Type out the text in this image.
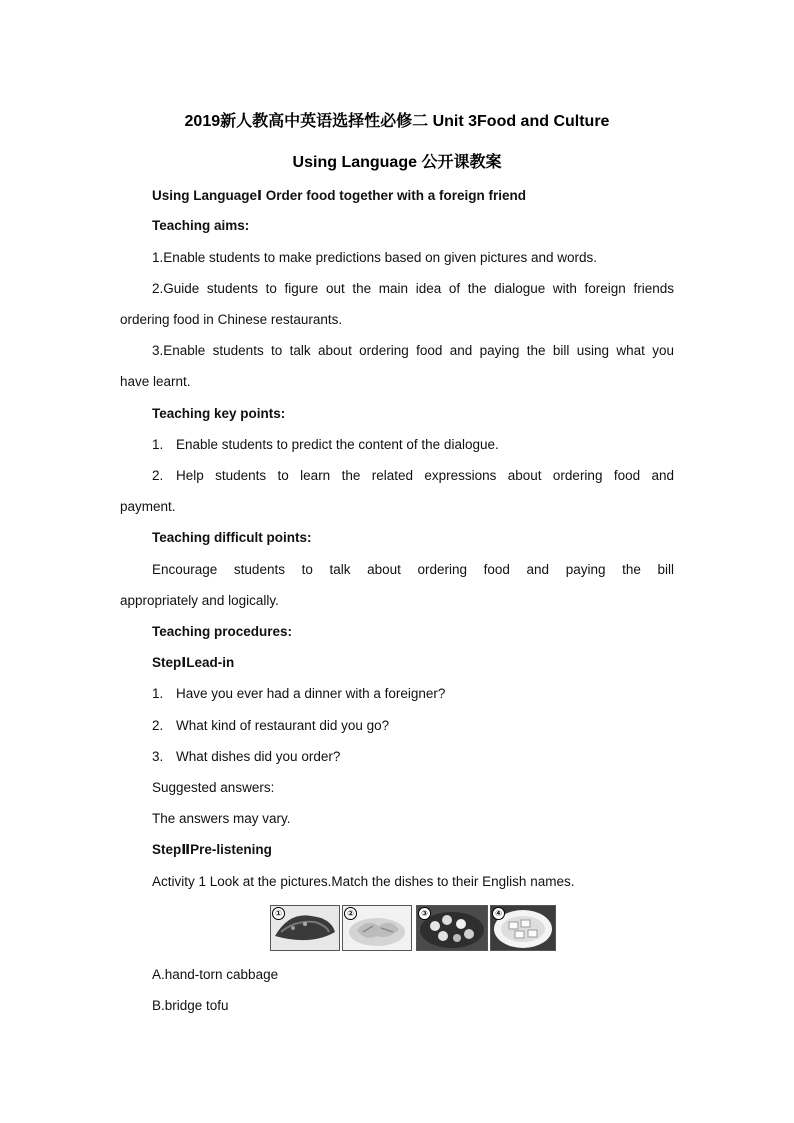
2019新人教高中英语选择性必修二 Unit 3Food and Culture
Using Language 公开课教案
Using LanguageⅠ Order food together with a foreign friend
Teaching aims:
1.Enable students to make predictions based on given pictures and words.
2.Guide students to figure out the main idea of the dialogue with foreign friends
ordering food in Chinese restaurants.
3.Enable students to talk about ordering food and paying the bill using what you
have learnt.
Teaching key points:
1. Enable students to predict the content of the dialogue.
2. Help students to learn the related expressions about ordering food and
payment.
Teaching difficult points:
Encourage students to talk about ordering food and paying the bill
appropriately and logically.
Teaching procedures:
StepⅠLead-in
1. Have you ever had a dinner with a foreigner?
2. What kind of restaurant did you go?
3. What dishes did you order?
Suggested answers:
The answers may vary.
StepⅡPre-listening
Activity 1 Look at the pictures.Match the dishes to their English names.
①	②	③	④
A.hand-torn cabbage
B.bridge tofu
